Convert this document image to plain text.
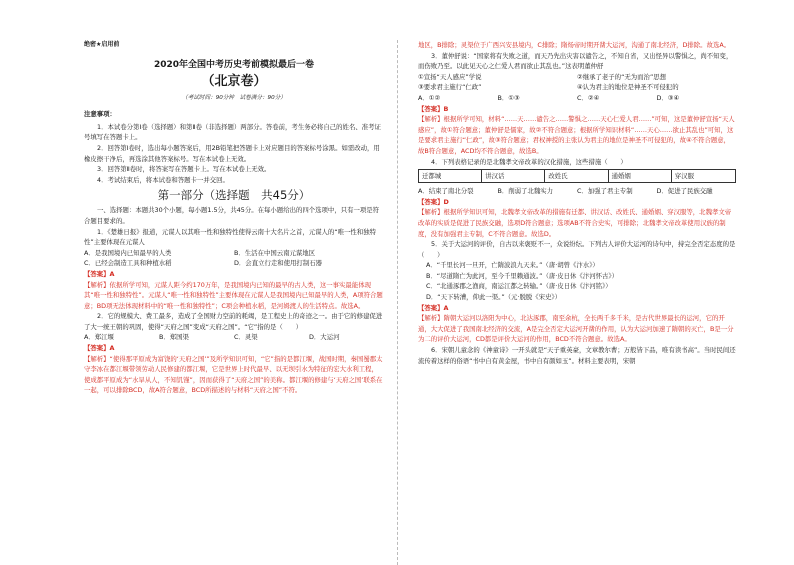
绝密★启用前

2020年全国中考历史考前模拟最后一卷

（北京卷）

（考试时间：90分钟　试卷满分：90分）

注意事项：

1．本试卷分第Ⅰ卷（选择题）和第Ⅱ卷（非选择题）两部分。答卷前，考生务必将自己的姓名、准考证号填写在答题卡上。

2．回答第Ⅰ卷时，选出每小题答案后，用2B铅笔把答题卡上对应题目的答案标号涂黑。如需改动，用橡皮擦干净后，再选涂其他答案标号。写在本试卷上无效。

3．回答第Ⅱ卷时，将答案写在答题卡上。写在本试卷上无效。

4．考试结束后，将本试卷和答题卡一并交回。

第一部分（选择题　共45分）

一、选择题：本题共30个小题，每小题1.5分，共45分。在每小题给出的四个选项中，只有一项是符合题目要求的。

1．《楚雄日报》报道，元谋人以其唯一性和独特性使得云南十大名片之首，元谋人的“唯一性和独特性”主要体现在元谋人

A．是我国境内已知最早的人类	B．生活在中国云南元谋地区
C．已经会制造工具和种植水稻	D．会直立行走和使用打制石器

【答案】A

【解析】依据所学可知，元谋人距今约170万年，是我国境内已知的最早的古人类，这一事实最能体现其“唯一性和独特性”。元谋人“唯一性和独特性”主要体现在元谋人是我国境内已知最早的人类，A项符合题意；BD项无法体现材料中的“唯一性和独特性”；C项会种植水稻，是河姆渡人的生活特点。故选A。

2．它的规模大、费工最多，造成了全国财力空前的耗竭，是工程史上的奇迹之一。由于它的修建促进了大一统王朝的巩固，使得“天府之国”变成“天府之国”。“它”指的是（　　）

A．郑江堰	B．郑国渠	C．灵渠	D．大运河

【答案】A

【解析】“使得那平原成为富饶的‘天府之国’”及所学知识可知，“它”指的是都江堰，战国时期，秦国蜀郡太守李冰在都江堰带领劳动人民修建的都江堰，它是世界上时代最早、以无坝引水为特征的宏大水利工程，使成都平原成为“水旱从人，不知饥馑”，因而获得了“天府之国”的美称。都江堰的修建与‘天府之国’联系在一起，可以排除BCD，故A符合题意，BCD所描述的与材料“天府之国”不符。

地区，B排除；灵渠位于广西兴安县境内，C排除；隋炀帝时期开凿大运河，沟通了南北经济，D排除。故选A。

3．董仲舒说：“国家将有失败之道，而天乃先出灾害以谴告之，不知自省，又出怪异以警惧之，尚不知变，而伤败乃至。以此见天心之仁爱人君而欲止其乱也。”这表明董仲舒

①宣扬“天人感应”学说	②继承了老子的“无为而治”思想
③要求君主施行“仁政”	④认为君主的地位是神圣不可侵犯的
A．①②	B．①③	C．②④	D．③④

【答案】B

【解析】根据所学可知，材料“……天……谴告之……警惧之……天心仁爱人君……”可知，这是董仲舒宣扬“天人感应”，故①符合题意；董仲舒是儒家，故②不符合题意；根据所学知识材料“……天心……欲止其乱也”可知，这是要求君主施行“仁政”，故③符合题意；君权神授的主张认为君主的地位是神圣不可侵犯的，故④不符合题意，故B符合题意，ACD均不符合题意，故选B。

4．下列表格记录的是北魏孝文帝改革的汉化措施，这些措施（　　）

迁都城	讲汉话	改姓氏	通婚姻	穿汉服
A．结束了南北分裂	B．削弱了北魏实力	C．加强了君主专制	D．促进了民族交融

【答案】D

【解析】根据所学知识可知，北魏孝文帝改革的措施有迁都、讲汉话、改姓氏、通婚姻、穿汉服等，北魏孝文帝改革的实质是促进了民族交融，选项D符合题意；选项AB不符合史实，可排除；北魏孝文帝改革使用汉族的制度，没有加强君主专制，C不符合题意。故选D。

5．关于大运河的评价，自古以来褒贬不一，众说纷纭。下列古人评价大运河的诗句中，持完全否定态度的是（　　）

A．“千里长河一旦开，亡隋波浪九天来。”（唐·胡曾《汴水》）

B．“尽道隋亡为此河，至今千里赖通波。”（唐·皮日休《汴河怀古》）

C．“北通涿郡之渔商，南运江都之转输。”（唐·皮日休《汴河铭》）

D．“天下转漕，仰此一渠。”（元·脱脱《宋史》）

【答案】A

【解析】隋朝大运河以洛阳为中心，北达涿郡，南至余杭，全长两千多千米，是古代世界最长的运河，它的开通，大大促进了我国南北经济的交流，A是完全否定大运河开凿的作用，认为大运河加速了隋朝的灭亡，B是一分为二的评价大运河，CD都是评价大运河的作用，BCD不符合题意。故选A。

6．宋朝儿童念的《神童诗》一开头就是“天子重英豪，文章教尔曹；万般皆下品，唯有读书高”。当时民间还流传着这样的俗语“书中自有黄金屋，书中自有颜如玉”。材料主要表明，宋朝
